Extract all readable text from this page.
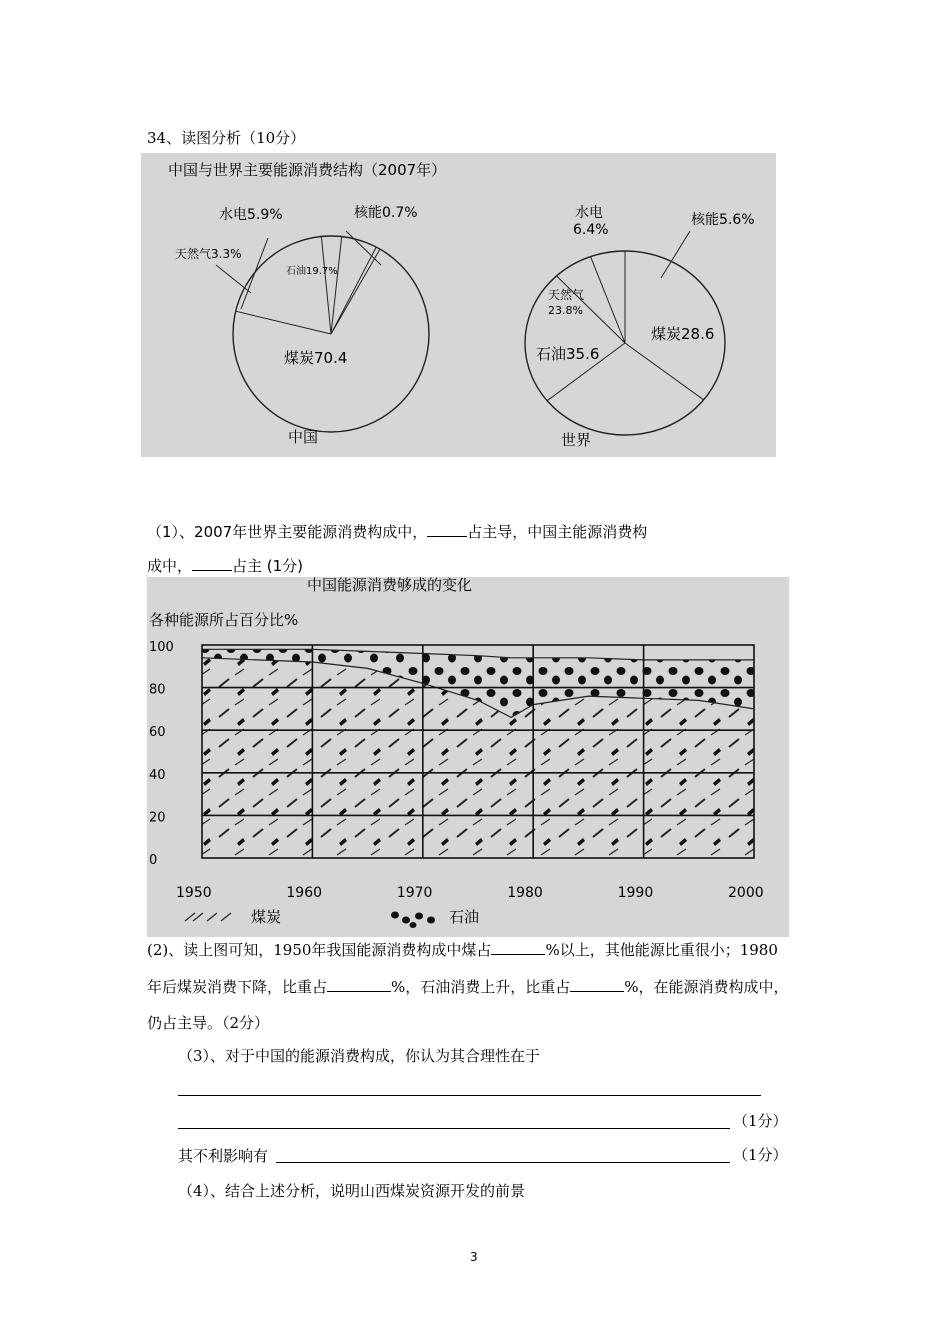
34、读图分析（10分）
中国与世界主要能源消费结构（2007年）
水电5.9%	核能0.7%
天然气3.3%
石油19.7%
煤炭70.4
中国
水电
6.4%
核能5.6%
天然气
23.8%
煤炭28.6
石油35.6
世界
（1）、2007年世界主要能源消费构成中，	占主导，中国主能源消费构
成中，	占主 (1分)
中国能源消费够成的变化
各种能源所占百分比%
1950	1960	1970	1980	1990	2000
100
80
60
40
20
0
煤炭	石油
(2)、读上图可知，1950年我国能源消费构成中煤占	%以上，其他能源比重很小；1980
年后煤炭消费下降，比重占	%，石油消费上升，比重占	%，在能源消费构成中，
仍占主导。（2分）
（3）、对于中国的能源消费构成，你认为其合理性在于
（1分）
其不利影响有	（1分）
（4）、结合上述分析，说明山西煤炭资源开发的前景
3
